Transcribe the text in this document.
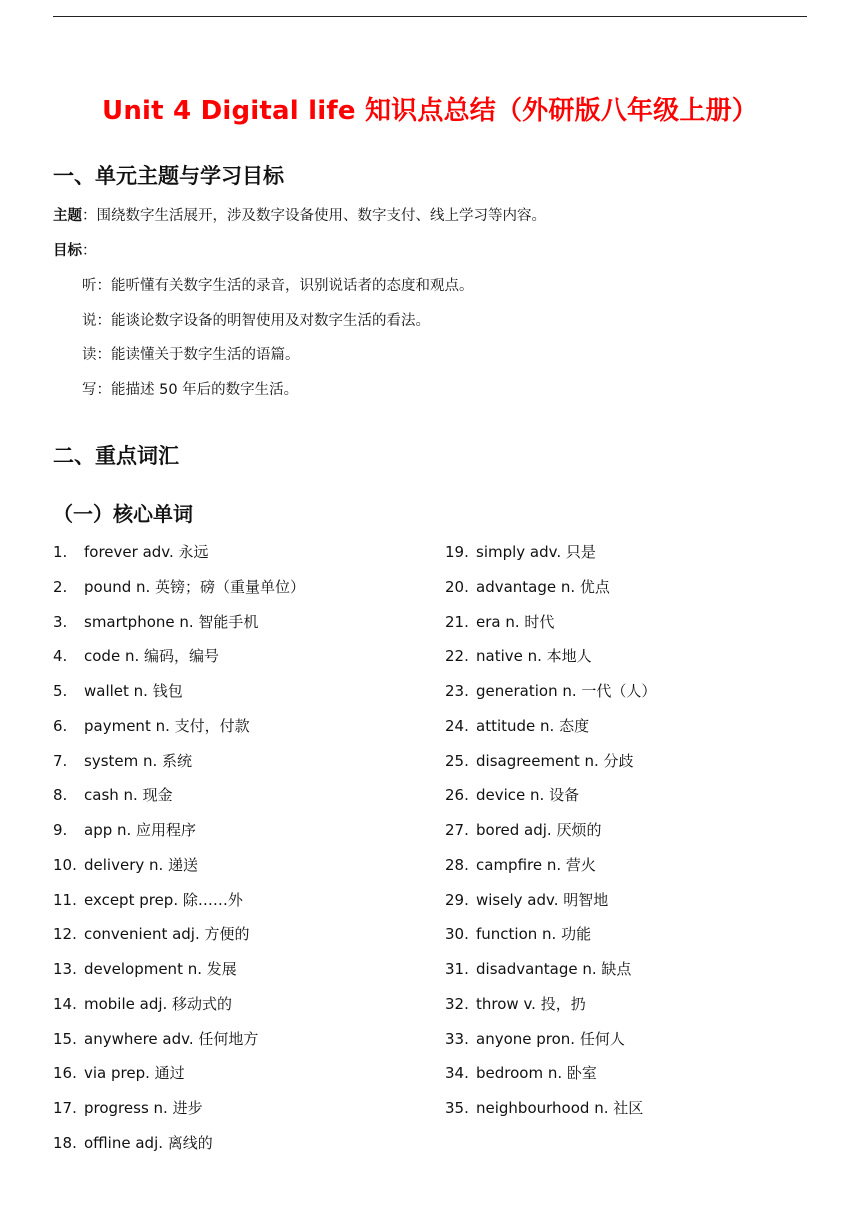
Unit 4 Digital life 知识点总结（外研版八年级上册）
一、单元主题与学习目标
主题：围绕数字生活展开，涉及数字设备使用、数字支付、线上学习等内容。
目标：
听：能听懂有关数字生活的录音，识别说话者的态度和观点。
说：能谈论数字设备的明智使用及对数字生活的看法。
读：能读懂关于数字生活的语篇。
写：能描述 50 年后的数字生活。
二、重点词汇
（一）核心单词
1.	forever adv. 永远
2.	pound n. 英镑；磅（重量单位）
3.	smartphone n. 智能手机
4.	code n. 编码，编号
5.	wallet n. 钱包
6.	payment n. 支付，付款
7.	system n. 系统
8.	cash n. 现金
9.	app n. 应用程序
10. delivery n. 递送
11. except prep. 除……外
12. convenient adj. 方便的
13. development n. 发展
14. mobile adj. 移动式的
15. anywhere adv. 任何地方
16. via prep. 通过
17. progress n. 进步
18. offline adj. 离线的
19. simply adv. 只是
20. advantage n. 优点
21. era n. 时代
22. native n. 本地人
23. generation n. 一代（人）
24. attitude n. 态度
25. disagreement n. 分歧
26. device n. 设备
27. bored adj. 厌烦的
28. campfire n. 营火
29. wisely adv. 明智地
30. function n. 功能
31. disadvantage n. 缺点
32. throw v. 投，扔
33. anyone pron. 任何人
34. bedroom n. 卧室
35. neighbourhood n. 社区
